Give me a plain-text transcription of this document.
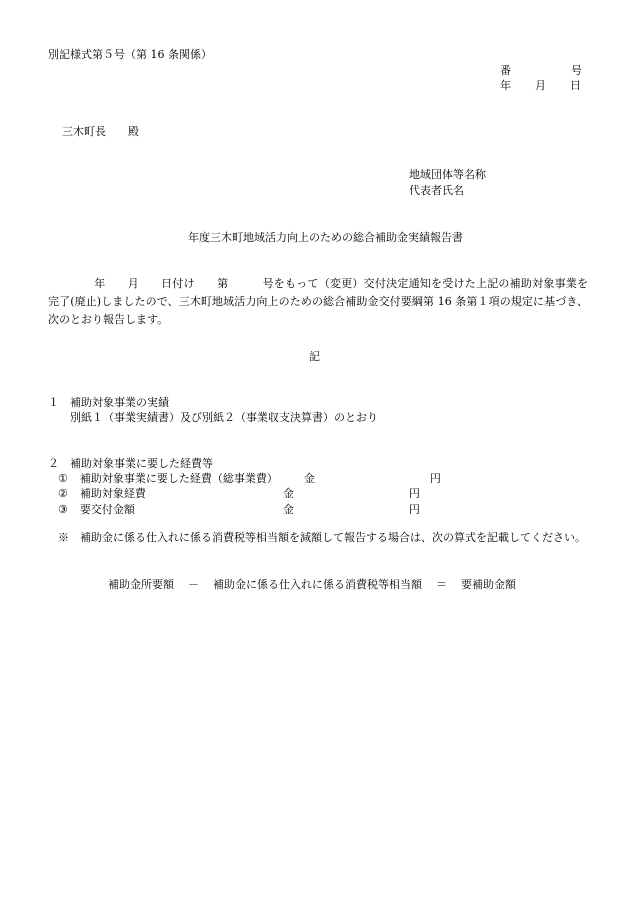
別記様式第５号（第 16 条関係）
番	号
年 月 日
三木町長 殿
地域団体等名称
代表者氏名
年度三木町地域活力向上のための総合補助金実績報告書
年 月 日付け 第	号をもって（変更）交付決定通知を受けた上記の補助対象事業を完了(廃止)しましたので、三木町地域活力向上のための総合補助金交付要綱第 16 条第１項の規定に基づき、次のとおり報告します。
記
１　補助対象事業の実績
別紙１（事業実績書）及び別紙２（事業収支決算書）のとおり
２　補助対象事業に要した経費等
① 補助対象事業に要した経費（総事業費） 金	円
② 補助対象経費	金	円
③ 要交付金額	金	円
※　補助金に係る仕入れに係る消費税等相当額を減額して報告する場合は、次の算式を記載してください。
補助金所要額 － 補助金に係る仕入れに係る消費税等相当額 ＝ 要補助金額
